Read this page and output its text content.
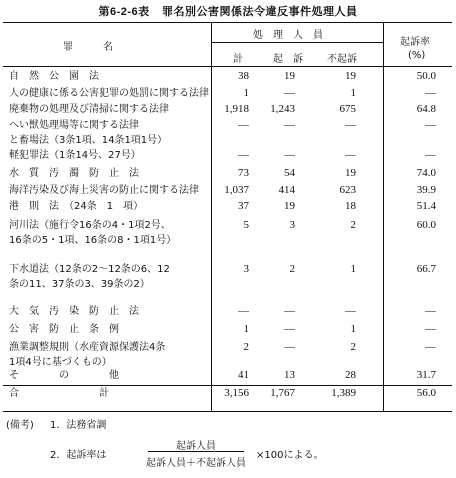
第6-2-6表 罪名別公害関係法令違反事件処理人員
罪　　　名
処　理　人　員
計	起　訴 不起訴
起訴率
(%)
自　然　公　園　法	38	19	19	50.0
人の健康に係る公害犯罪の処罰に関する法律	1	—	1	—
廃棄物の処理及び清掃に関する法律	1,918	1,243	675	64.8
へい獣処理場等に関する法律
と畜場法（3条1項、14条1項1号）
—	—	—	—
軽犯罪法（1条14号、27号）	—	—	—	—
水　質　汚　濁　防　止　法	73	54	19	74.0
海洋汚染及び海上災害の防止に関する法律	1,037	414	623	39.9
港　則　法　（24条　1　項）	37	19	18	51.4
河川法（施行令16条の4・1項2号、
16条の5・1項、16条の8・1項1号）
5	3	2	60.0
下水道法（12条の2～12条の6、12
条の11、37条の3、39条の2）
3	2	1	66.7
大　気　汚　染　防　止　法	—	—	—	—
公　害　防　止　条　例	1	—	1	—
漁業調整規則（水産資源保護法4条
1項4号に基づくもの）
2	—	2	—
そ　　　　の　　　　他	41	13	28	31.7
合　　　　　　　　計	3,156	1,767	1,389	56.0
(備考) 1．法務省調
2．起訴率は
起訴人員
起訴人員＋不起訴人員
×100による。
